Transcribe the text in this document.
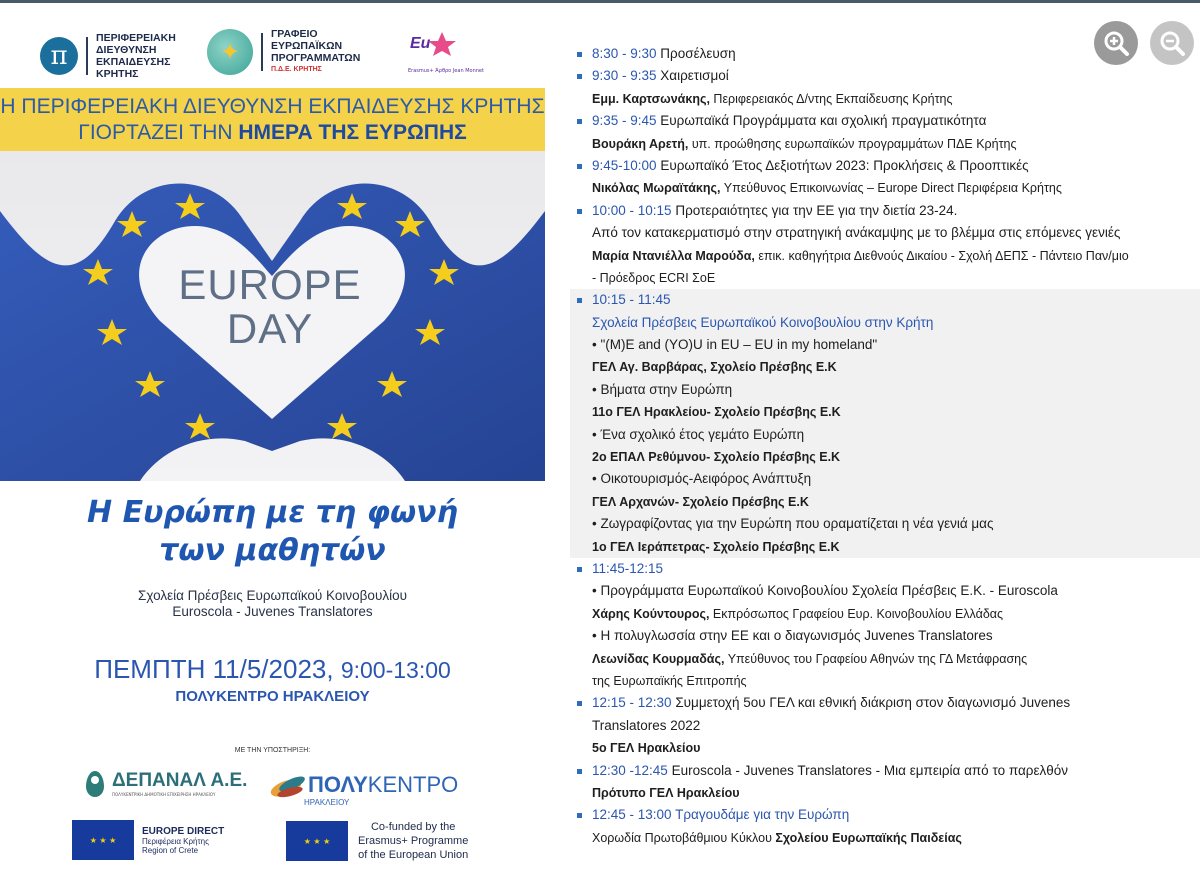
π
ΠΕΡΙΦΕΡΕΙΑΚΗ
ΔΙΕΥΘΥΝΣΗ
ΕΚΠΑΙΔΕΥΣΗΣ
ΚΡΗΤΗΣ
✦
ΓΡΑΦΕΙΟ
ΕΥΡΩΠΑΪΚΩΝ
ΠΡΟΓΡΑΜΜΑΤΩΝ
Π.Δ.Ε. ΚΡΗΤΗΣ
Eu
Erasmus+ Άρθρο Jean Monnet
Η ΠΕΡΙΦΕΡΕΙΑΚΗ ΔΙΕΥΘΥΝΣΗ ΕΚΠΑΙΔΕΥΣΗΣ ΚΡΗΤΗΣ
ΓΙΟΡΤΑΖΕΙ ΤΗΝ ΗΜΕΡΑ ΤΗΣ ΕΥΡΩΠΗΣ
EUROPE
DAY
Η Ευρώπη με τη φωνή
των μαθητών
Σχολεία Πρέσβεις Ευρωπαϊκού Κοινοβουλίου
Euroscola - Juvenes Translatores
ΠΕΜΠΤΗ 11/5/2023, 9:00-13:00
ΠΟΛΥΚΕΝΤΡΟ ΗΡΑΚΛΕΙΟΥ
ΜΕ ΤΗΝ ΥΠΟΣΤΗΡΙΞΗ:
ΔΕΠΑΝΑΛ Α.Ε.
ΠΟΛΥΚΕΝΤΡΙΚΗ ΔΗΜΟΤΙΚΗ ΕΠΙΧΕΙΡΗΣΗ ΗΡΑΚΛΕΙΟΥ	ΠΟΛΥΚΕΝΤΡΟ
ΗΡΑΚΛΕΙΟΥ
★ ★ ★
EUROPE DIRECT
Περιφέρεια Κρήτης
Region of Crete
★ ★ ★
Co-funded by the
Erasmus+ Programme
of the European Union
8:30 - 9:30 Προσέλευση
9:30 - 9:35 Χαιρετισμοί
Εμμ. Καρτσωνάκης, Περιφερειακός Δ/ντης Εκπαίδευσης Κρήτης
9:35 - 9:45 Ευρωπαϊκά Προγράμματα και σχολική πραγματικότητα
Βουράκη Αρετή, υπ. προώθησης ευρωπαϊκών προγραμμάτων ΠΔΕ Κρήτης
9:45-10:00 Ευρωπαϊκό Έτος Δεξιοτήτων 2023: Προκλήσεις & Προοπτικές
Νικόλας Μωραϊτάκης, Υπεύθυνος Επικοινωνίας – Europe Direct Περιφέρεια Κρήτης
10:00 - 10:15 Προτεραιότητες για την ΕΕ για την διετία 23-24.
Από τον κατακερματισμό στην στρατηγική ανάκαμψης με το βλέμμα στις επόμενες γενιές
Μαρία Ντανιέλλα Μαρούδα, επικ. καθηγήτρια Διεθνούς Δικαίου - Σχολή ΔΕΠΣ - Πάντειο Παν/μιο
- Πρόεδρος ECRI ΣοΕ
10:15 - 11:45
Σχολεία Πρέσβεις Ευρωπαϊκού Κοινοβουλίου στην Κρήτη
• "(M)E and (YO)U in EU – EU in my homeland"
ΓΕΛ Αγ. Βαρβάρας, Σχολείο Πρέσβης Ε.Κ
• Βήματα στην Ευρώπη
11ο ΓΕΛ Ηρακλείου- Σχολείο Πρέσβης Ε.Κ
• Ένα σχολικό έτος γεμάτο Ευρώπη
2ο ΕΠΑΛ Ρεθύμνου- Σχολείο Πρέσβης Ε.Κ
• Οικοτουρισμός-Αειφόρος Ανάπτυξη
ΓΕΛ Αρχανών- Σχολείο Πρέσβης Ε.Κ
• Ζωγραφίζοντας για την Ευρώπη που οραματίζεται η νέα γενιά μας
1ο ΓΕΛ Ιεράπετρας- Σχολείο Πρέσβης Ε.Κ
11:45-12:15
• Προγράμματα Ευρωπαϊκού Κοινοβουλίου Σχολεία Πρέσβεις Ε.Κ. - Euroscola
Χάρης Κούντουρος, Εκπρόσωπος Γραφείου Ευρ. Κοινοβουλίου Ελλάδας
• Η πολυγλωσσία στην ΕΕ και ο διαγωνισμός Juvenes Translatores
Λεωνίδας Κουρμαδάς, Υπεύθυνος του Γραφείου Αθηνών της ΓΔ Μετάφρασης
της Ευρωπαϊκής Επιτροπής
12:15 - 12:30 Συμμετοχή 5ου ΓΕΛ και εθνική διάκριση στον διαγωνισμό Juvenes
Translatores 2022
5ο ΓΕΛ Ηρακλείου
12:30 -12:45 Euroscola - Juvenes Translatores - Μια εμπειρία από το παρελθόν
Πρότυπο ΓΕΛ Ηρακλείου
12:45 - 13:00 Τραγουδάμε για την Ευρώπη
Χορωδία Πρωτοβάθμιου Κύκλου Σχολείου Ευρωπαϊκής Παιδείας
